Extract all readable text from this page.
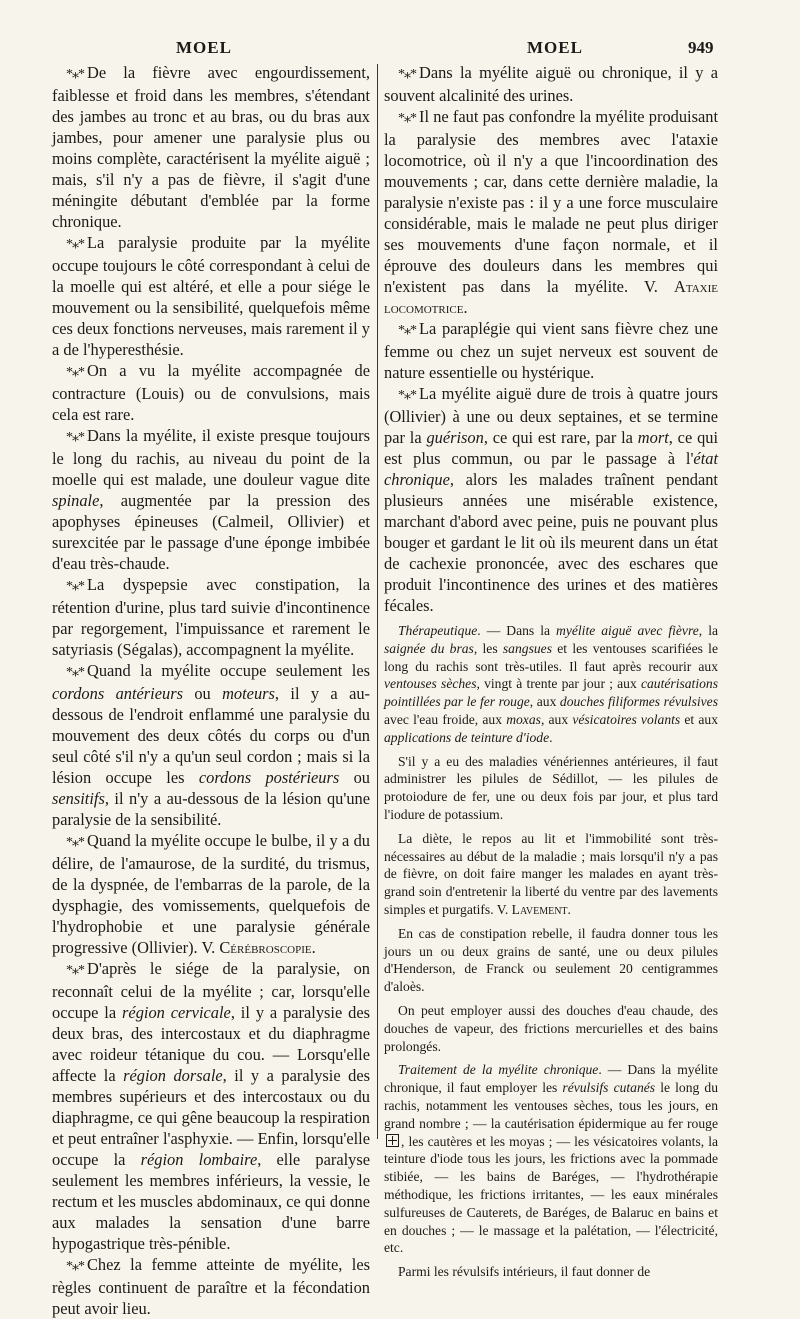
MOEL	MOEL	949

*⁎* De la fièvre avec engourdissement, faiblesse et froid dans les membres, s'étendant des jambes au tronc et au bras, ou du bras aux jambes, pour amener une paralysie plus ou moins complète, caractérisent la myélite aiguë ; mais, s'il n'y a pas de fièvre, il s'agit d'une méningite débutant d'emblée par la forme chronique.

*⁎* La paralysie produite par la myélite occupe toujours le côté correspondant à celui de la moelle qui est altéré, et elle a pour siége le mouvement ou la sensibilité, quelquefois même ces deux fonctions nerveuses, mais rarement il y a de l'hyperesthésie.

*⁎* On a vu la myélite accompagnée de contracture (Louis) ou de convulsions, mais cela est rare.

*⁎* Dans la myélite, il existe presque toujours le long du rachis, au niveau du point de la moelle qui est malade, une douleur vague dite spinale, augmentée par la pression des apophyses épineuses (Calmeil, Ollivier) et surexcitée par le passage d'une éponge imbibée d'eau très-chaude.

*⁎* La dyspepsie avec constipation, la rétention d'urine, plus tard suivie d'incontinence par regorgement, l'impuissance et rarement le satyriasis (Ségalas), accompagnent la myélite.

*⁎* Quand la myélite occupe seulement les cordons antérieurs ou moteurs, il y a au-dessous de l'endroit enflammé une paralysie du mouvement des deux côtés du corps ou d'un seul côté s'il n'y a qu'un seul cordon ; mais si la lésion occupe les cordons postérieurs ou sensitifs, il n'y a au-dessous de la lésion qu'une paralysie de la sensibilité.

*⁎* Quand la myélite occupe le bulbe, il y a du délire, de l'amaurose, de la surdité, du trismus, de la dyspnée, de l'embarras de la parole, de la dysphagie, des vomissements, quelquefois de l'hydrophobie et une paralysie générale progressive (Ollivier). V. Cérébroscopie.

*⁎* D'après le siége de la paralysie, on reconnaît celui de la myélite ; car, lorsqu'elle occupe la région cervicale, il y a paralysie des deux bras, des intercostaux et du diaphragme avec roideur tétanique du cou. — Lorsqu'elle affecte la région dorsale, il y a paralysie des membres supérieurs et des intercostaux ou du diaphragme, ce qui gêne beaucoup la respiration et peut entraîner l'asphyxie. — Enfin, lorsqu'elle occupe la région lombaire, elle paralyse seulement les membres inférieurs, la vessie, le rectum et les muscles abdominaux, ce qui donne aux malades la sensation d'une barre hypogastrique très-pénible.

*⁎* Chez la femme atteinte de myélite, les règles continuent de paraître et la fécondation peut avoir lieu.

*⁎* Dans la myélite aiguë ou chronique, il y a souvent alcalinité des urines.

*⁎* Il ne faut pas confondre la myélite produisant la paralysie des membres avec l'ataxie locomotrice, où il n'y a que l'incoordination des mouvements ; car, dans cette dernière maladie, la paralysie n'existe pas : il y a une force musculaire considérable, mais le malade ne peut plus diriger ses mouvements d'une façon normale, et il éprouve des douleurs dans les membres qui n'existent pas dans la myélite. V. Ataxie locomotrice.

*⁎* La paraplégie qui vient sans fièvre chez une femme ou chez un sujet nerveux est souvent de nature essentielle ou hystérique.

*⁎* La myélite aiguë dure de trois à quatre jours (Ollivier) à une ou deux septaines, et se termine par la guérison, ce qui est rare, par la mort, ce qui est plus commun, ou par le passage à l'état chronique, alors les malades traînent pendant plusieurs années une misérable existence, marchant d'abord avec peine, puis ne pouvant plus bouger et gardant le lit où ils meurent dans un état de cachexie prononcée, avec des eschares que produit l'incontinence des urines et des matières fécales.

Thérapeutique. — Dans la myélite aiguë avec fièvre, la saignée du bras, les sangsues et les ventouses scarifiées le long du rachis sont très-utiles. Il faut après recourir aux ventouses sèches, vingt à trente par jour ; aux cautérisations pointillées par le fer rouge, aux douches filiformes révulsives avec l'eau froide, aux moxas, aux vésicatoires volants et aux applications de teinture d'iode.

S'il y a eu des maladies vénériennes antérieures, il faut administrer les pilules de Sédillot, — les pilules de protoiodure de fer, une ou deux fois par jour, et plus tard l'iodure de potassium.

La diète, le repos au lit et l'immobilité sont très-nécessaires au début de la maladie ; mais lorsqu'il n'y a pas de fièvre, on doit faire manger les malades en ayant très-grand soin d'entretenir la liberté du ventre par des lavements simples et purgatifs. V. Lavement.

En cas de constipation rebelle, il faudra donner tous les jours un ou deux grains de santé, une ou deux pilules d'Henderson, de Franck ou seulement 20 centigrammes d'aloès.

On peut employer aussi des douches d'eau chaude, des douches de vapeur, des frictions mercurielles et des bains prolongés.

Traitement de la myélite chronique. — Dans la myélite chronique, il faut employer les révulsifs cutanés le long du rachis, notamment les ventouses sèches, tous les jours, en grand nombre ; — la cautérisation épidermique au fer rouge, les cautères et les moyas ; — les vésicatoires volants, la teinture d'iode tous les jours, les frictions avec la pommade stibiée, — les bains de Baréges, — l'hydrothérapie méthodique, les frictions irritantes, — les eaux minérales sulfureuses de Cauterets, de Baréges, de Balaruc en bains et en douches ; — le massage et la palétation, — l'électricité, etc.

Parmi les révulsifs intérieurs, il faut donner de
